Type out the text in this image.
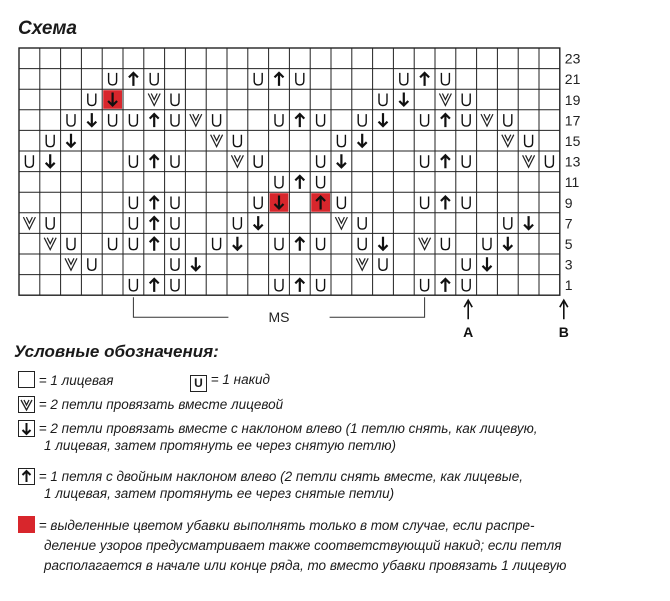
Схема
1
3
5
7
9
11
13
15
17
19
21
23
MS
A	B
Условные обозначения:
= 1 лицевая	U = 1 накид
= 2 петли провязать вместе лицевой
= 2 петли провязать вместе с наклоном влево (1 петлю снять, как лицевую,
1 лицевая, затем протянуть ее через снятую петлю)
= 1 петля с двойным наклоном влево (2 петли снять вместе, как лицевые,
1 лицевая, затем протянуть ее через снятые петли)
= выделенные цветом убавки выполнять только в том случае, если распре-
деление узоров предусматривает также соответствующий накид; если петля
располагается в начале или конце ряда, то вместо убавки провязать 1 лицевую
